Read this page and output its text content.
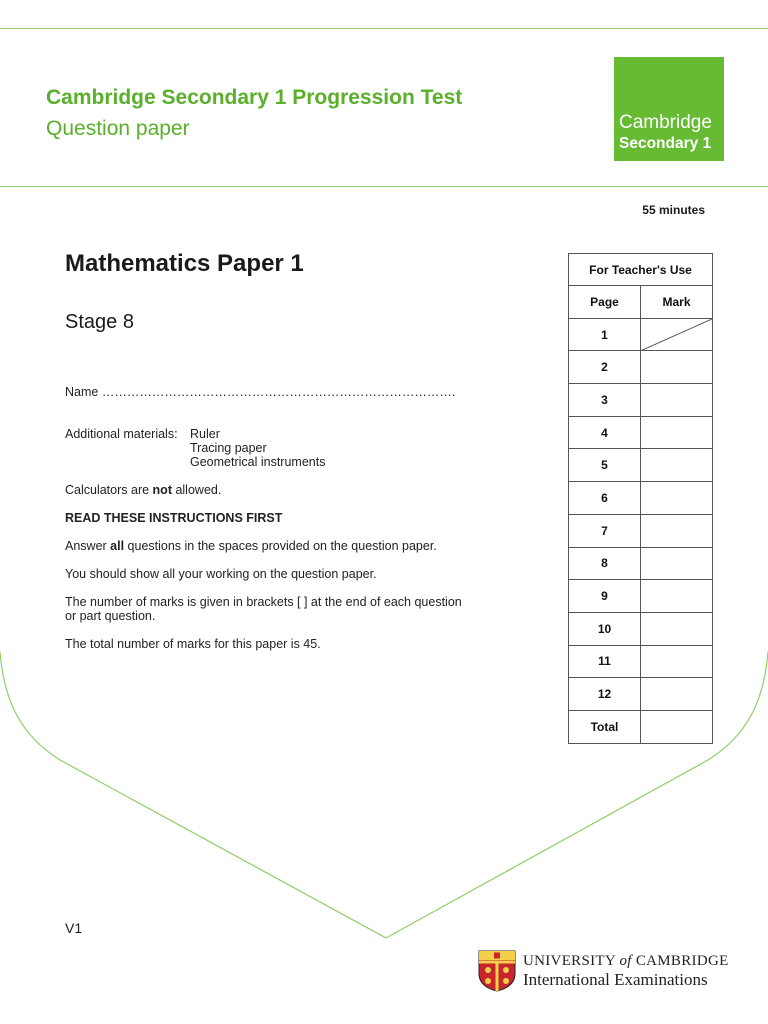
Cambridge Secondary 1 Progression Test
Question paper	Cambridge
Secondary 1
55 minutes
Mathematics Paper 1
Stage 8
Name ………………………………………………………………………….
Additional materials: Ruler
Tracing paper
Geometrical instruments
Calculators are not allowed.
READ THESE INSTRUCTIONS FIRST
Answer all questions in the spaces provided on the question paper.
You should show all your working on the question paper.
The number of marks is given in brackets [ ] at the end of each question
or part question.
The total number of marks for this paper is 45.
For Teacher's Use	
Page	Mark
1	

2	
3	
4	
5	
6	
7	
8	
9	
10	
11	
12	
Total	
V1
UNIVERSITY of CAMBRIDGE
International Examinations
